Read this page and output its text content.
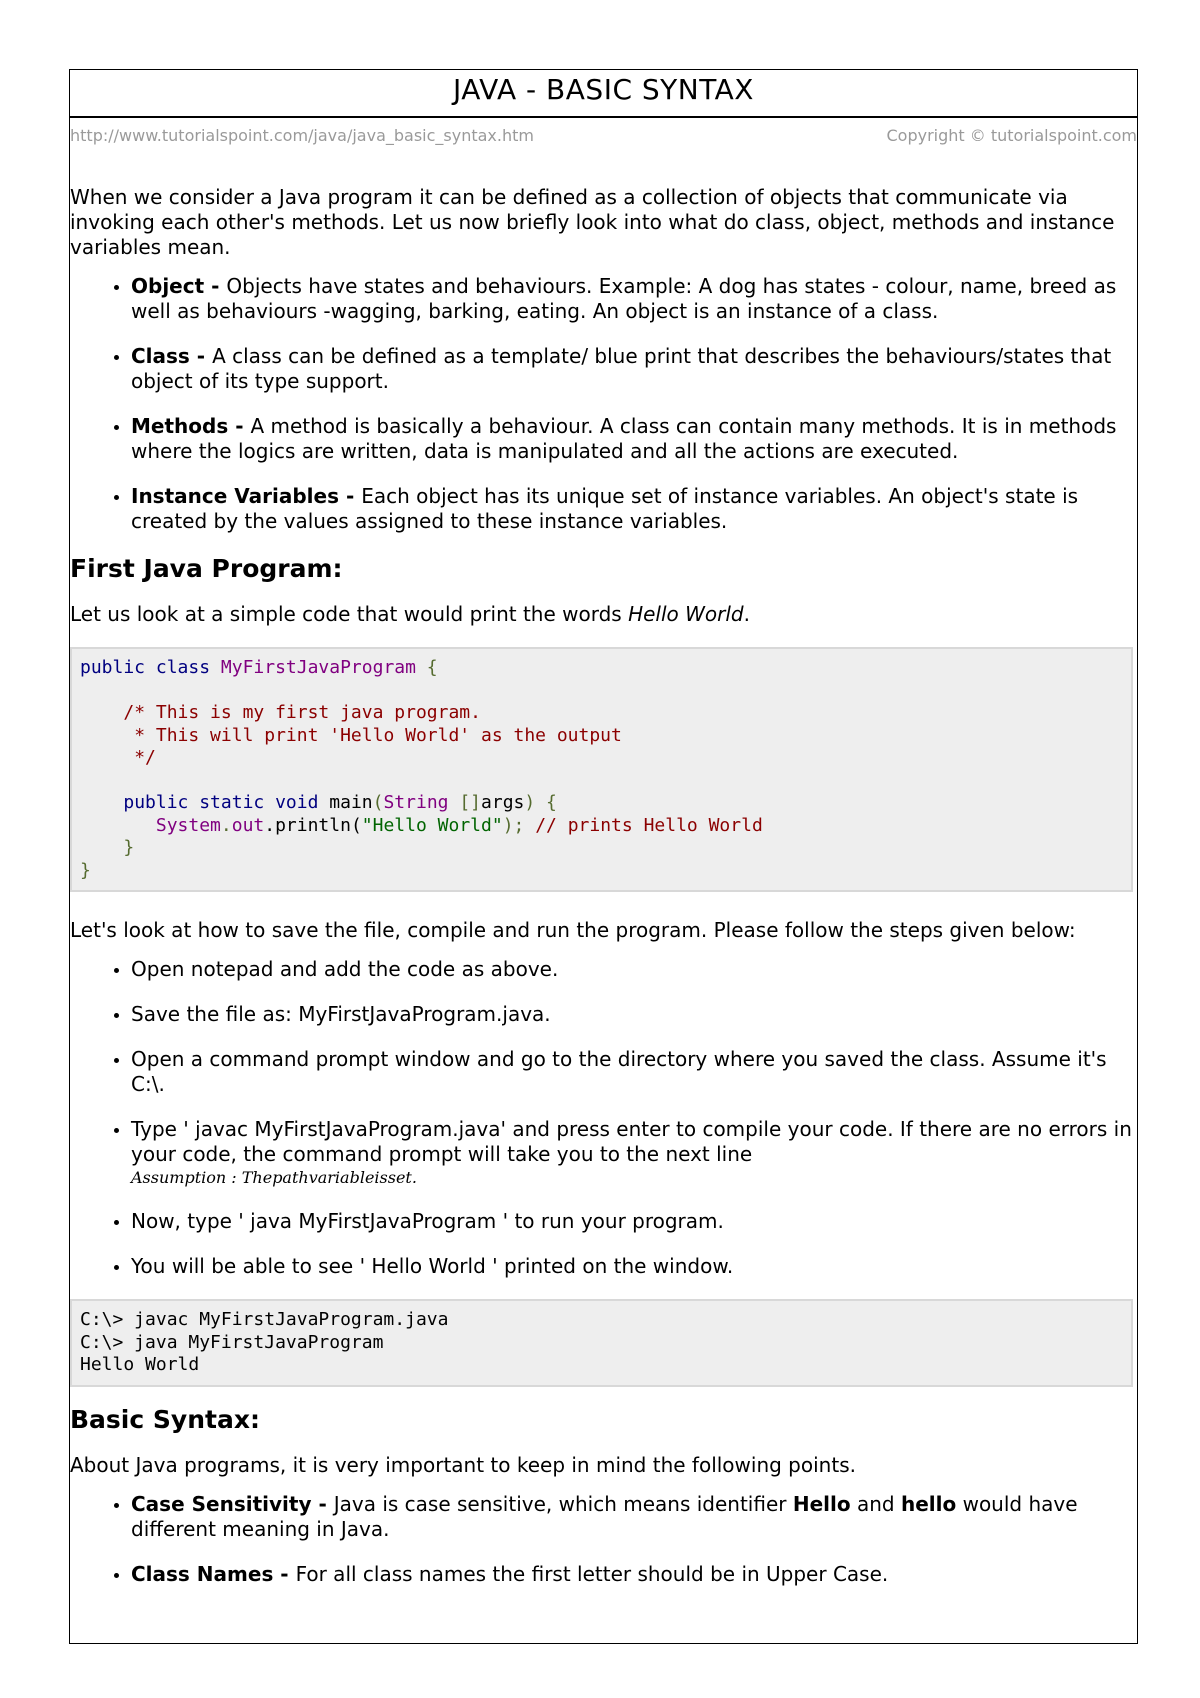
JAVA - BASIC SYNTAX
http://www.tutorialspoint.com/java/java_basic_syntax.htm	Copyright © tutorialspoint.com

When we consider a Java program it can be defined as a collection of objects that communicate via invoking each other's methods. Let us now briefly look into what do class, object, methods and instance variables mean.

• Object - Objects have states and behaviours. Example: A dog has states - colour, name, breed as well as behaviours -wagging, barking, eating. An object is an instance of a class.
• Class - A class can be defined as a template/ blue print that describes the behaviours/states that object of its type support.
• Methods - A method is basically a behaviour. A class can contain many methods. It is in methods where the logics are written, data is manipulated and all the actions are executed.
• Instance Variables - Each object has its unique set of instance variables. An object's state is created by the values assigned to these instance variables.
First Java Program:

Let us look at a simple code that would print the words Hello World.

public class MyFirstJavaProgram {

/* This is my first java program.
* This will print 'Hello World' as the output
*/

public static void main(String []args) {
System.out.println("Hello World"); // prints Hello World
}
}

Let's look at how to save the file, compile and run the program. Please follow the steps given below:

• Open notepad and add the code as above.
• Save the file as: MyFirstJavaProgram.java.
• Open a command prompt window and go to the directory where you saved the class. Assume it's C:\.
• Type ' javac MyFirstJavaProgram.java' and press enter to compile your code. If there are no errors in your code, the command prompt will take you to the next line
Assumption : Thepathvariableisset.
• Now, type ' java MyFirstJavaProgram ' to run your program.
• You will be able to see ' Hello World ' printed on the window.
C:\> javac MyFirstJavaProgram.java
C:\> java MyFirstJavaProgram
Hello World
Basic Syntax:

About Java programs, it is very important to keep in mind the following points.

• Case Sensitivity - Java is case sensitive, which means identifier Hello and hello would have different meaning in Java.
• Class Names - For all class names the first letter should be in Upper Case.
